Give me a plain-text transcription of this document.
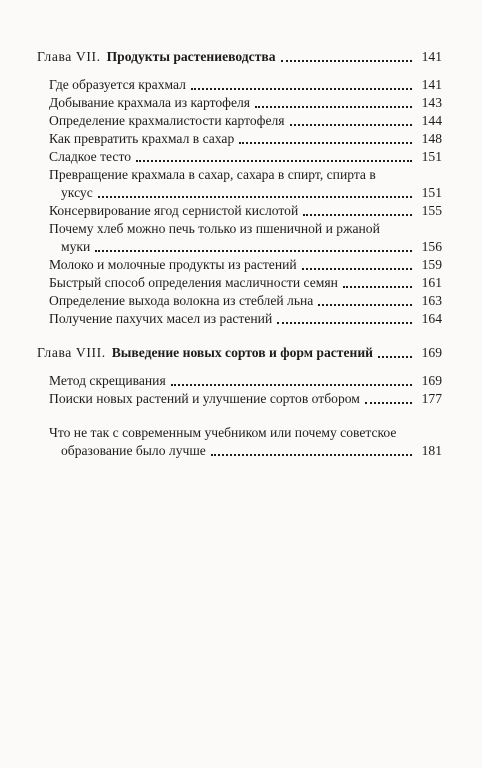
Глава VII. Продукты растениеводства	141
Где образуется крахмал	141
Добывание крахмала из картофеля	143
Определение крахмалистости картофеля	144
Как превратить крахмал в сахар	148
Сладкое тесто	151
Превращение крахмала в сахар, сахара в спирт, спирта в
уксус	151
Консервирование ягод сернистой кислотой	155
Почему хлеб можно печь только из пшеничной и ржаной
муки	156
Молоко и молочные продукты из растений	159
Быстрый способ определения масличности семян	161
Определение выхода волокна из стеблей льна	163
Получение пахучих масел из растений	164
Глава VIII. Выведение новых сортов и форм растений	169
Метод скрещивания	169
Поиски новых растений и улучшение сортов отбором	177
Что не так с современным учебником или почему советское
образование было лучше	181
